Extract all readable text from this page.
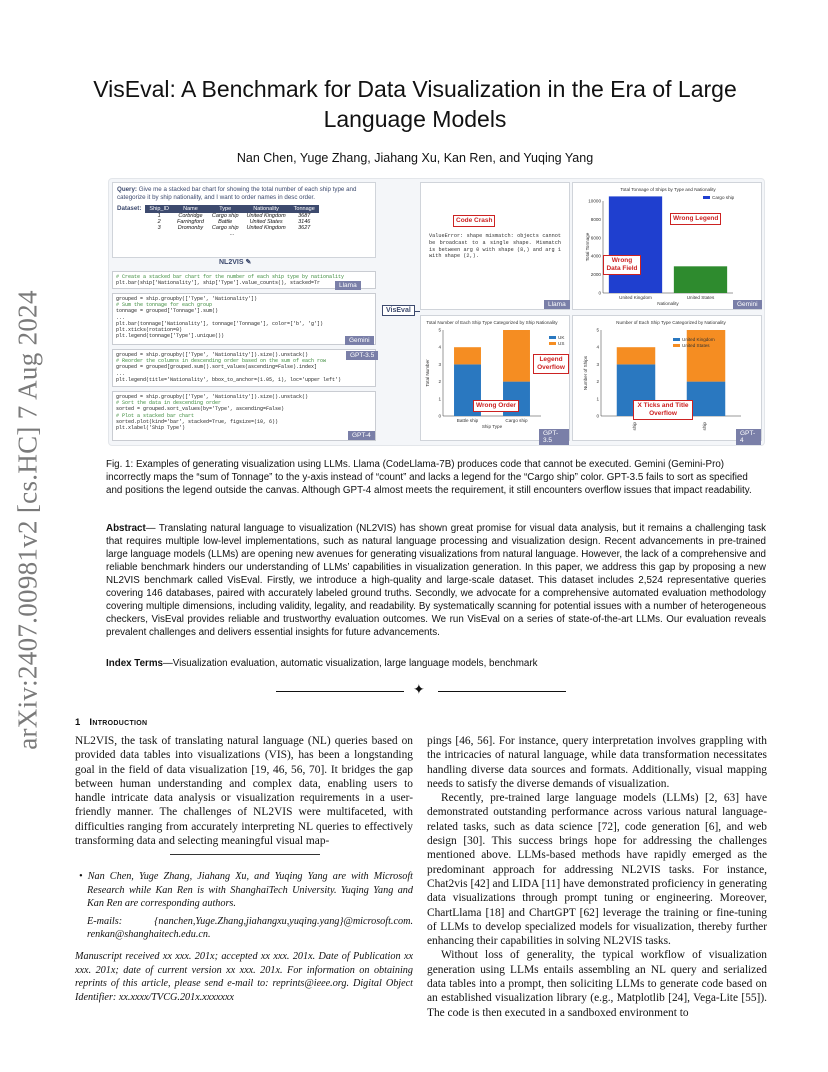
arXiv:2407.00981v2 [cs.HC] 7 Aug 2024
VisEval: A Benchmark for Data Visualization in the Era of Large Language Models
Nan Chen, Yuge Zhang, Jiahang Xu, Kan Ren, and Yuqing Yang
Query: Give me a stacked bar chart for showing the total number of each ship type and categorize it by ship nationality, and I want to order names in desc order.
Dataset: Ship_ID	Name	Type	Nationality	Tonnage
1	Corbridge	Cargo ship	United Kingdom	3687
2	Farringford	Battle	United States	3146
3	Dromonby	Cargo ship	United Kingdom	3627
...				
NL2VIS ✎
# Create a stacked bar chart for the number of each ship type by nationality
plt.bar(ship['Nationality'], ship['Type'].value_counts(), stacked=Tr	Llama
grouped = ship.groupby(['Type', 'Nationality'])
# Sum the tonnage for each group
tonnage = grouped['Tonnage'].sum()
...
plt.bar(tonnage['Nationality'], tonnage['Tonnage'], color=['b', 'g'])
plt.xticks(rotation=0)
plt.legend(tonnage['Type'].unique())
Gemini
grouped = ship.groupby(['Type', 'Nationality']).size().unstack()
# Reorder the columns in descending order based on the sum of each row
grouped = grouped[grouped.sum().sort_values(ascending=False).index]
...
plt.legend(title='Nationality', bbox_to_anchor=(1.05, 1), loc='upper left')
GPT-3.5
grouped = ship.groupby(['Type', 'Nationality']).size().unstack()
# Sort the data in descending order
sorted = grouped.sort_values(by='Type', ascending=False)
# Plot a stacked bar chart
sorted.plot(kind='bar', stacked=True, figsize=(10, 6))
plt.xlabel('Ship Type')
GPT-4
VisEval
Code Crash
ValueError: shape mismatch: objects cannot be broadcast to a single shape. Mismatch is between arg 0 with shape (8,) and arg 1 with shape (2,).
Llama
Total Tonnage of Ships by Type and Nationality
0
2000
4000
6000
8000
10000
Total Tonnage
Nationality
United Kingdom	United States
Cargo ship
Wrong Legend
Wrong Data Field
Gemini
Total Number of Each Ship Type Categorized by Ship Nationality
0
1
2
3
4
5
Total Number
Ship Type
Battle ship	Cargo ship
UK
US
Legend Overflow
Wrong Order
GPT-3.5
Number of Each Ship Type Categorized by Nationality
0
1
2
3
4
5
Number of Ships
ship	ship
United Kingdom
United States
X Ticks and Title Overflow
GPT-4
Fig. 1: Examples of generating visualization using LLMs. Llama (CodeLlama-7B) produces code that cannot be executed. Gemini (Gemini-Pro) incorrectly maps the “sum of Tonnage” to the y-axis instead of “count” and lacks a legend for the “Cargo ship” color. GPT-3.5 fails to sort as specified and positions the legend outside the canvas. Although GPT-4 almost meets the requirement, it still encounters overflow issues that impact readability.
Abstract— Translating natural language to visualization (NL2VIS) has shown great promise for visual data analysis, but it remains a challenging task that requires multiple low-level implementations, such as natural language processing and visualization design. Recent advancements in pre-trained large language models (LLMs) are opening new avenues for generating visualizations from natural language. However, the lack of a comprehensive and reliable benchmark hinders our understanding of LLMs’ capabilities in visualization generation. In this paper, we address this gap by proposing a new NL2VIS benchmark called VisEval. Firstly, we introduce a high-quality and large-scale dataset. This dataset includes 2,524 representative queries covering 146 databases, paired with accurately labeled ground truths. Secondly, we advocate for a comprehensive automated evaluation methodology covering multiple dimensions, including validity, legality, and readability. By systematically scanning for potential issues with a number of heterogeneous checkers, VisEval provides reliable and trustworthy evaluation outcomes. We run VisEval on a series of state-of-the-art LLMs. Our evaluation reveals prevalent challenges and delivers essential insights for future advancements.
Index Terms—Visualization evaluation, automatic visualization, large language models, benchmark
✦
1 Introduction
NL2VIS, the task of translating natural language (NL) queries based on provided data tables into visualizations (VIS), has been a longstanding goal in the field of data visualization [19, 46, 56, 70]. It bridges the gap between human understanding and complex data, enabling users to handle intricate data analysis or visualization requirements in a user-friendly manner. The challenges of NL2VIS were multifaceted, with difficulties ranging from accurately interpreting NL queries to effectively transforming data and selecting meaningful visual map-

• Nan Chen, Yuge Zhang, Jiahang Xu, and Yuqing Yang are with Microsoft Research while Kan Ren is with ShanghaiTech University. Yuqing Yang and Kan Ren are corresponding authors.

E-mails: {nanchen,Yuge.Zhang,jiahangxu,yuqing.yang}@microsoft.com. renkan@shanghaitech.edu.cn.

Manuscript received xx xxx. 201x; accepted xx xxx. 201x. Date of Publication xx xxx. 201x; date of current version xx xxx. 201x. For information on obtaining reprints of this article, please send e-mail to: reprints@ieee.org. Digital Object Identifier: xx.xxxx/TVCG.201x.xxxxxxx

pings [46, 56]. For instance, query interpretation involves grappling with the intricacies of natural language, while data transformation necessitates handling diverse data sources and formats. Additionally, visual mapping needs to satisfy the diverse demands of visualization.
Recently, pre-trained large language models (LLMs) [2, 63] have demonstrated outstanding performance across various natural language-related tasks, such as data science [72], code generation [6], and web design [30]. This success brings hope for addressing the challenges mentioned above. LLMs-based methods have rapidly emerged as the predominant approach for addressing NL2VIS tasks. For instance, Chat2vis [42] and LIDA [11] have demonstrated proficiency in generating data visualizations through prompt tuning or engineering. Moreover, ChartLlama [18] and ChartGPT [62] leverage the training or fine-tuning of LLMs to develop specialized models for visualization, thereby further enhancing their capabilities in solving NL2VIS tasks.
Without loss of generality, the typical workflow of visualization generation using LLMs entails assembling an NL query and serialized data tables into a prompt, then soliciting LLMs to generate code based on an established visualization library (e.g., Matplotlib [24], Vega-Lite [55]). The code is then executed in a sandboxed environment to
